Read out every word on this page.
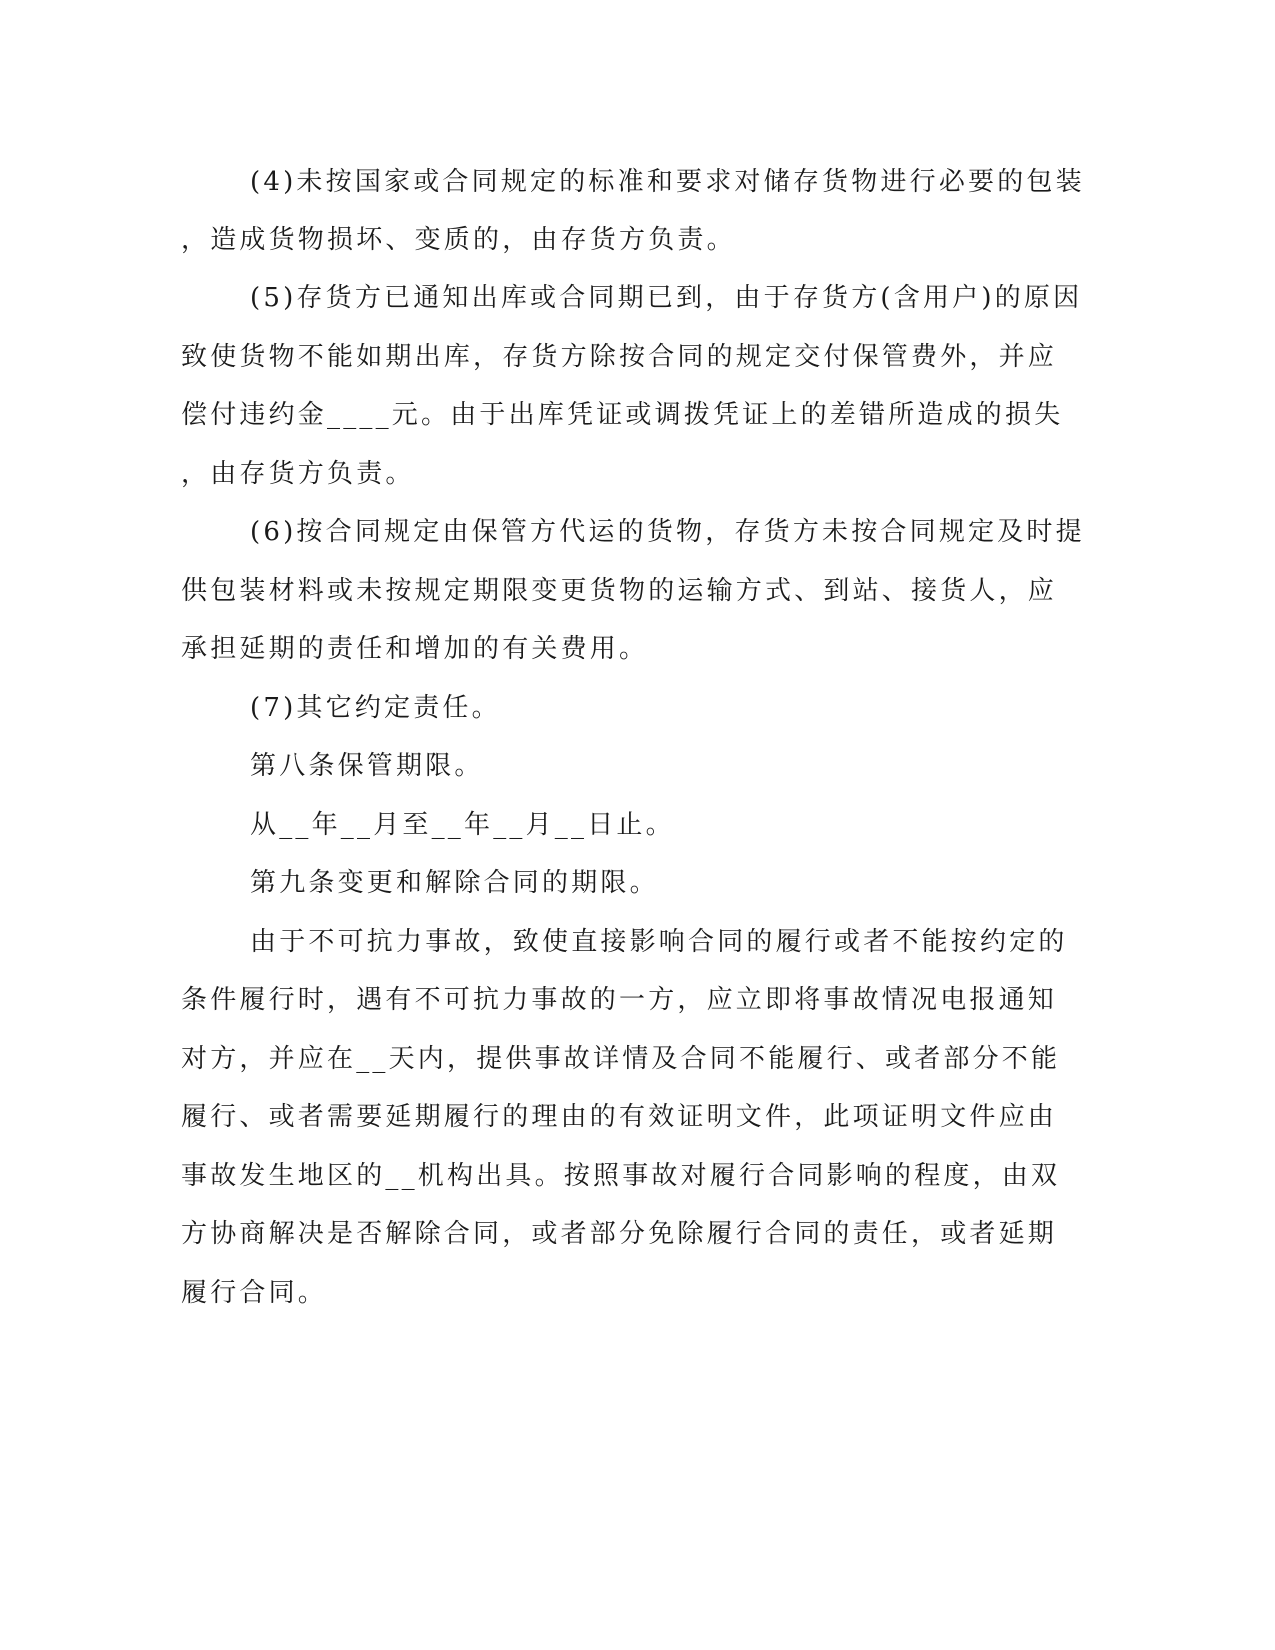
(4)未按国家或合同规定的标准和要求对储存货物进行必要的包装
，造成货物损坏、变质的，由存货方负责。
(5)存货方已通知出库或合同期已到，由于存货方(含用户)的原因
致使货物不能如期出库，存货方除按合同的规定交付保管费外，并应
偿付违约金____元。由于出库凭证或调拨凭证上的差错所造成的损失
，由存货方负责。
(6)按合同规定由保管方代运的货物，存货方未按合同规定及时提
供包装材料或未按规定期限变更货物的运输方式、到站、接货人，应
承担延期的责任和增加的有关费用。
(7)其它约定责任。
第八条保管期限。
从__年__月至__年__月__日止。
第九条变更和解除合同的期限。
由于不可抗力事故，致使直接影响合同的履行或者不能按约定的
条件履行时，遇有不可抗力事故的一方，应立即将事故情况电报通知
对方，并应在__天内，提供事故详情及合同不能履行、或者部分不能
履行、或者需要延期履行的理由的有效证明文件，此项证明文件应由
事故发生地区的__机构出具。按照事故对履行合同影响的程度，由双
方协商解决是否解除合同，或者部分免除履行合同的责任，或者延期
履行合同。
